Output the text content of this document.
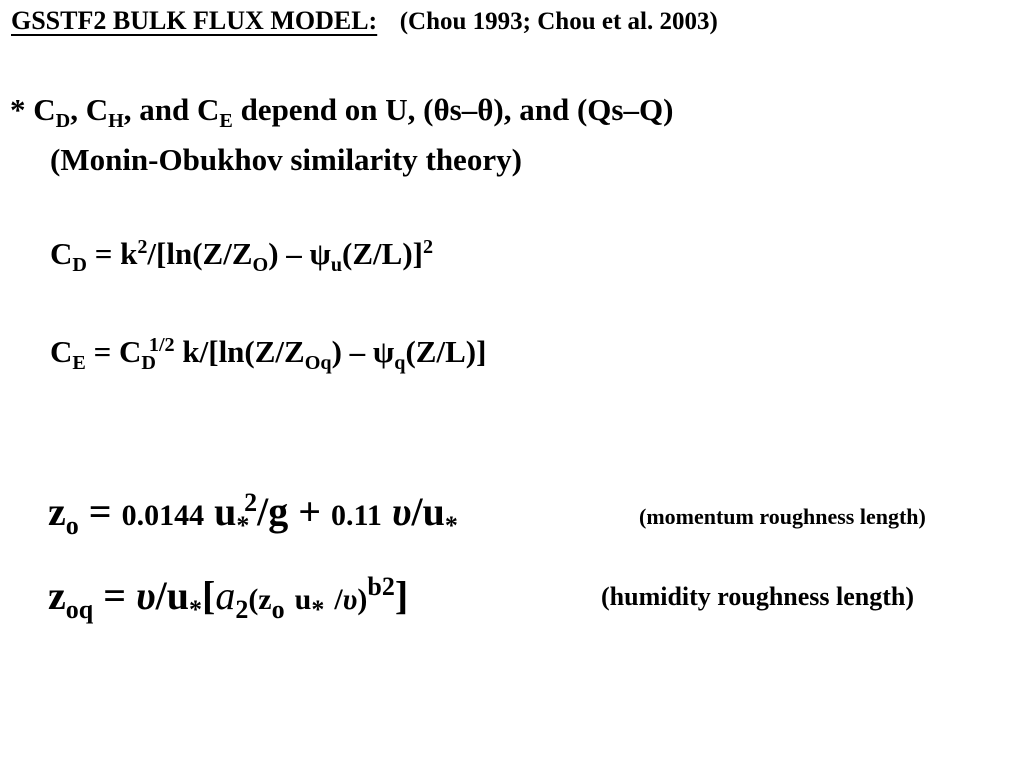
GSSTF2 BULK FLUX MODEL: (Chou 1993; Chou et al. 2003)
* $C_D$, $C_H$, and $C_E$ depend on U, (θs–θ), and (Qs–Q)
(Monin-Obukhov similarity theory)
$C_D = k^2/[\ln(Z/Z_O) - \psi_u(Z/L)]^2$
$C_E = C_D^{1/2}$ $k/[\ln(Z/Z_{Oq}) - \psi_q(Z/L)]$
$z_o = 0.0144$ $u_*^2/g + 0.11$ $\upsilon/u_*$	(momentum roughness length)
$z_{oq} = \upsilon/u_*[a_2(z_o$ $u_*$ /υ)$^{b2}$]	(humidity roughness length)
